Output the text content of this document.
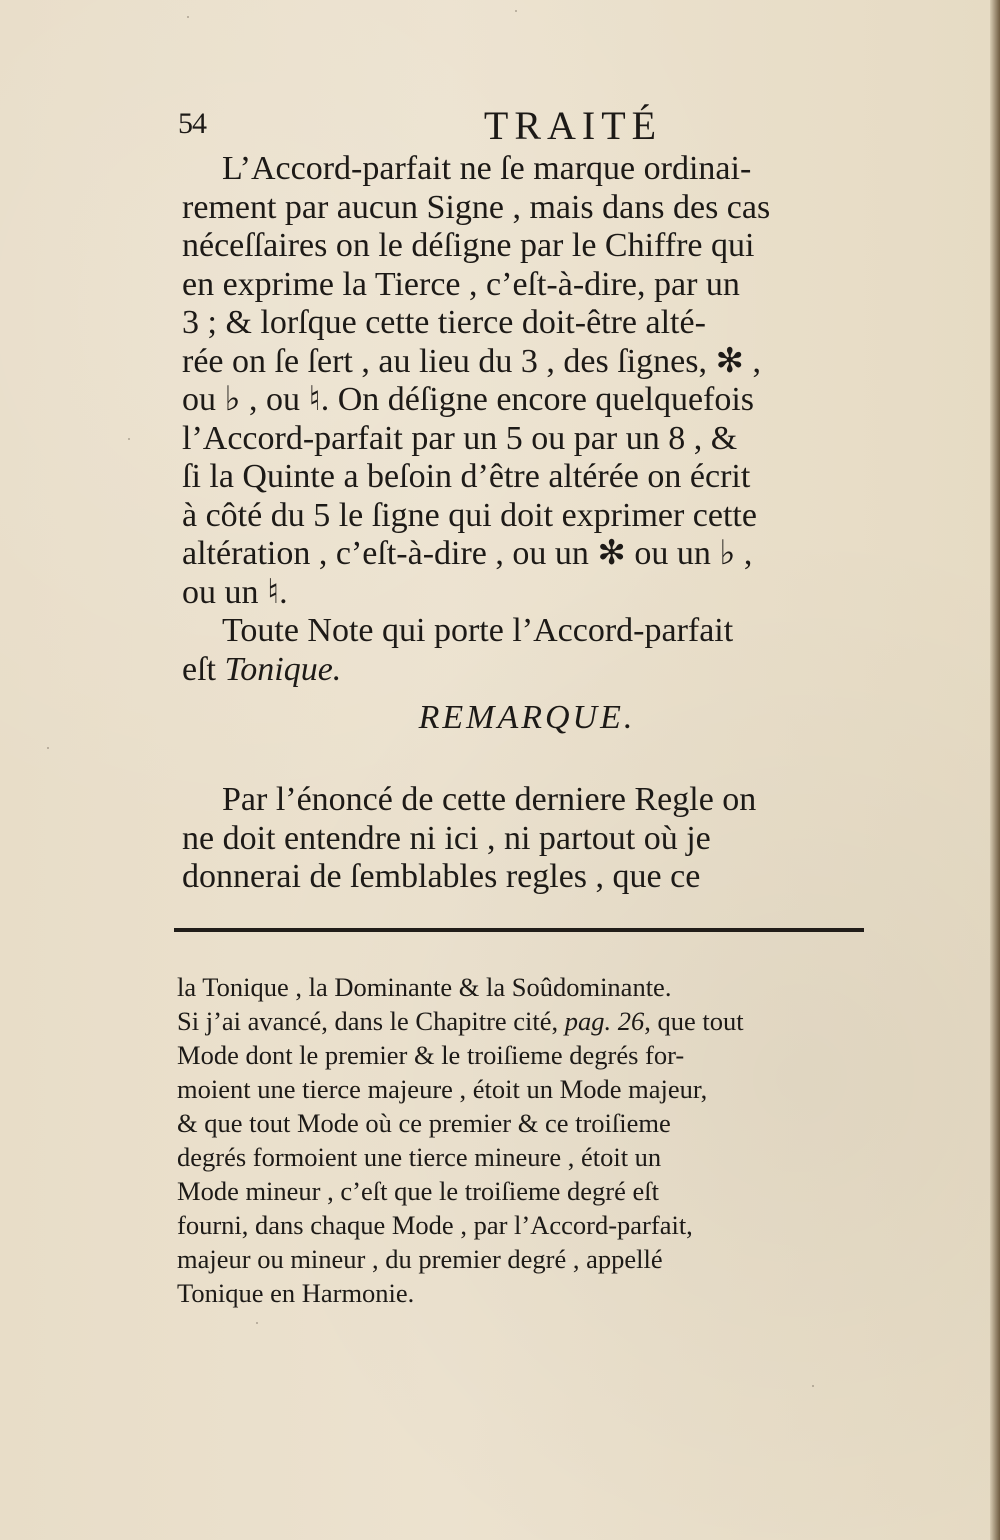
54	TRAITÉ
L’Accord-parfait ne ſe marque ordinai-
rement par aucun Signe , mais dans des cas
néceſſaires on le déſigne par le Chiffre qui
en exprime la Tierce , c’eſt-à-dire, par un
3 ; & lorſque cette tierce doit-être alté-
rée on ſe ſert , au lieu du 3 , des ſignes, ✻ ,
ou ♭ , ou ♮. On déſigne encore quelquefois
l’Accord-parfait par un 5 ou par un 8 , &
ſi la Quinte a beſoin d’être altérée on écrit
à côté du 5 le ſigne qui doit exprimer cette
altération , c’eſt-à-dire , ou un ✻ ou un ♭ ,
ou un ♮.
Toute Note qui porte l’Accord-parfait
eſt Tonique.
REMARQUE.
Par l’énoncé de cette derniere Regle on
ne doit entendre ni ici , ni partout où je
donnerai de ſemblables regles , que ce
la Tonique , la Dominante & la Soûdominante.
Si j’ai avancé, dans le Chapitre cité, pag. 26, que tout
Mode dont le premier & le troiſieme degrés for-
moient une tierce majeure , étoit un Mode majeur,
& que tout Mode où ce premier & ce troiſieme
degrés formoient une tierce mineure , étoit un
Mode mineur , c’eſt que le troiſieme degré eſt
fourni, dans chaque Mode , par l’Accord-parfait,
majeur ou mineur , du premier degré , appellé
Tonique en Harmonie.
